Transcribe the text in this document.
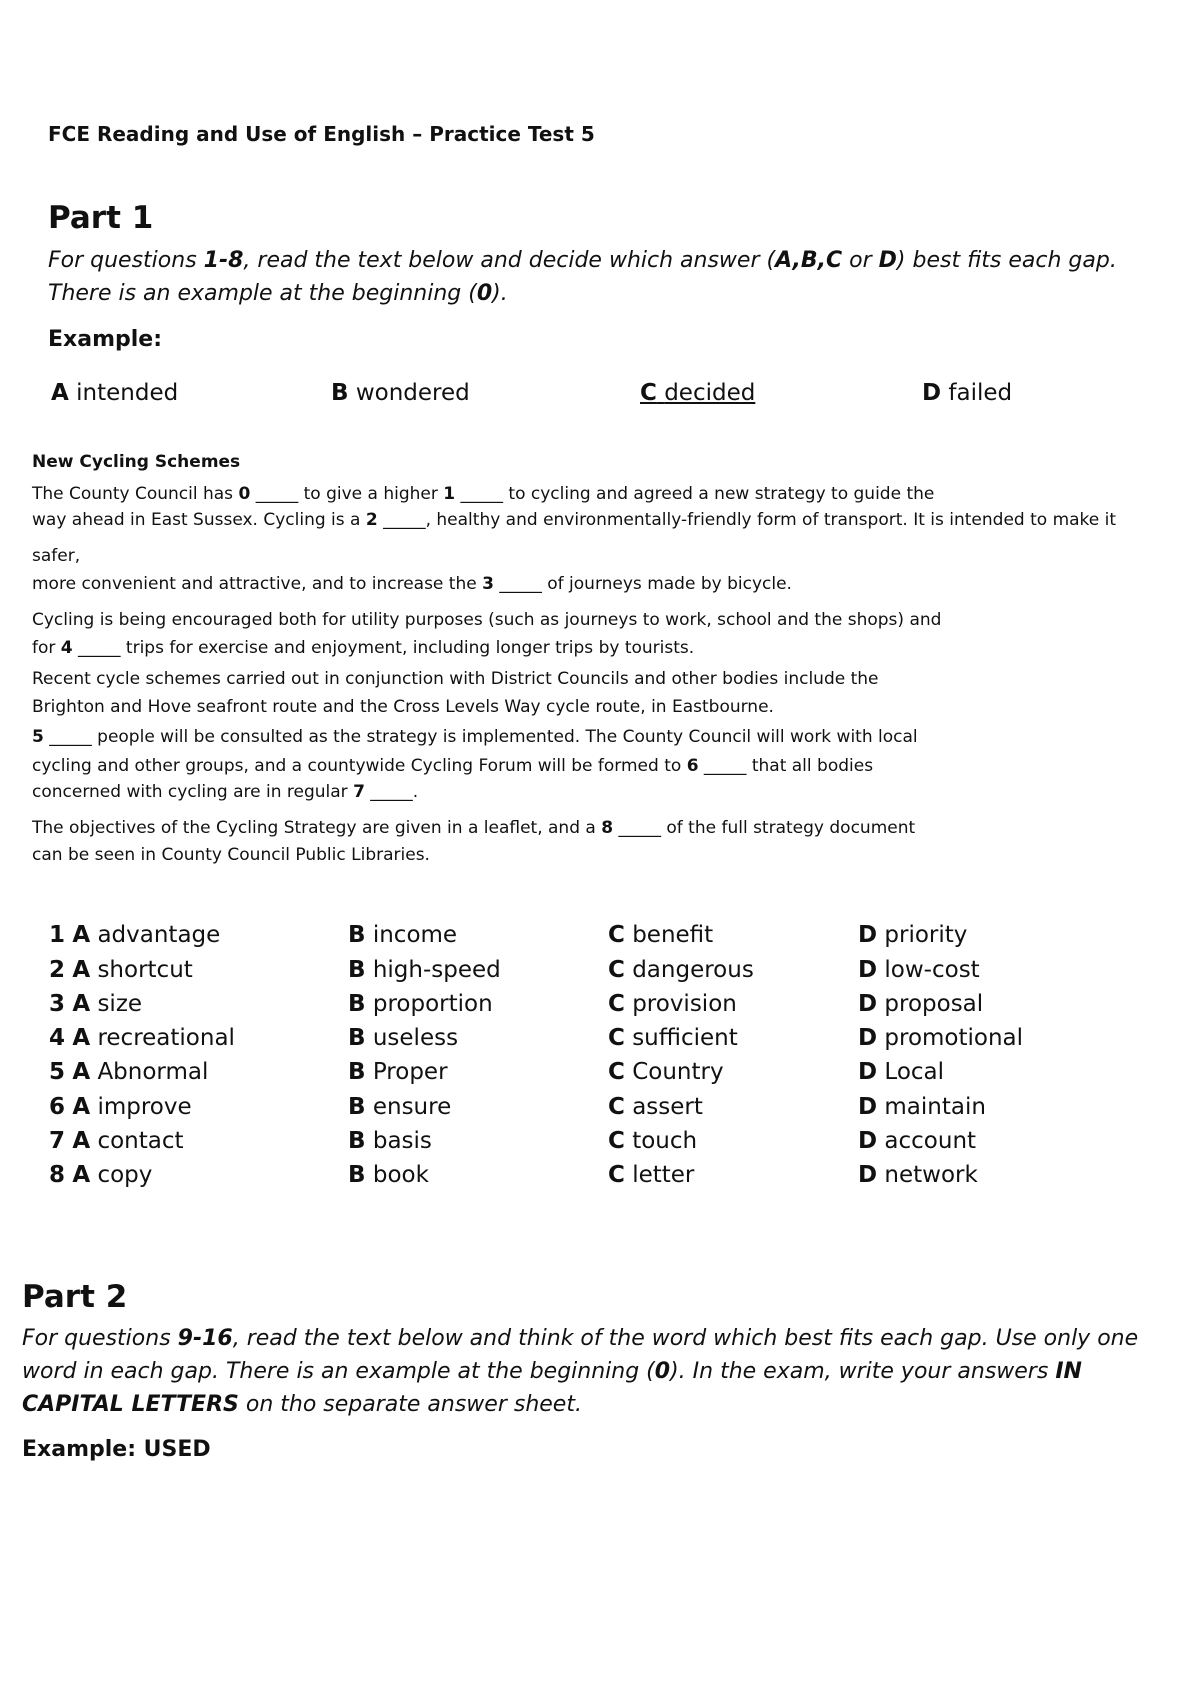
FCE Reading and Use of English – Practice Test 5
Part 1
For questions 1-8, read the text below and decide which answer (A,B,C or D) best fits each gap. There is an example at the beginning (0).
Example:
A intended	B wondered	C decided	D failed
New Cycling Schemes
The County Council has 0 _____ to give a higher 1 _____ to cycling and agreed a new strategy to guide the
way ahead in East Sussex. Cycling is a 2 _____, healthy and environmentally-friendly form of transport. It is intended to make it
safer,
more convenient and attractive, and to increase the 3 _____ of journeys made by bicycle.
Cycling is being encouraged both for utility purposes (such as journeys to work, school and the shops) and
for 4 _____ trips for exercise and enjoyment, including longer trips by tourists.
Recent cycle schemes carried out in conjunction with District Councils and other bodies include the
Brighton and Hove seafront route and the Cross Levels Way cycle route, in Eastbourne.
5 _____ people will be consulted as the strategy is implemented. The County Council will work with local
cycling and other groups, and a countywide Cycling Forum will be formed to 6 _____ that all bodies
concerned with cycling are in regular 7 _____.
The objectives of the Cycling Strategy are given in a leaflet, and a 8 _____ of the full strategy document
can be seen in County Council Public Libraries.
1 A advantage	B income	C benefit	D priority
2 A shortcut	B high-speed	C dangerous	D low-cost
3 A size	B proportion	C provision	D proposal
4 A recreational	B useless	C sufficient	D promotional
5 A Abnormal	B Proper	C Country	D Local
6 A improve	B ensure	C assert	D maintain
7 A contact	B basis	C touch	D account
8 A copy	B book	C letter	D network
Part 2
For questions 9-16, read the text below and think of the word which best fits each gap. Use only one word in each gap. There is an example at the beginning (0). In the exam, write your answers IN CAPITAL LETTERS on tho separate answer sheet.
Example: USED
